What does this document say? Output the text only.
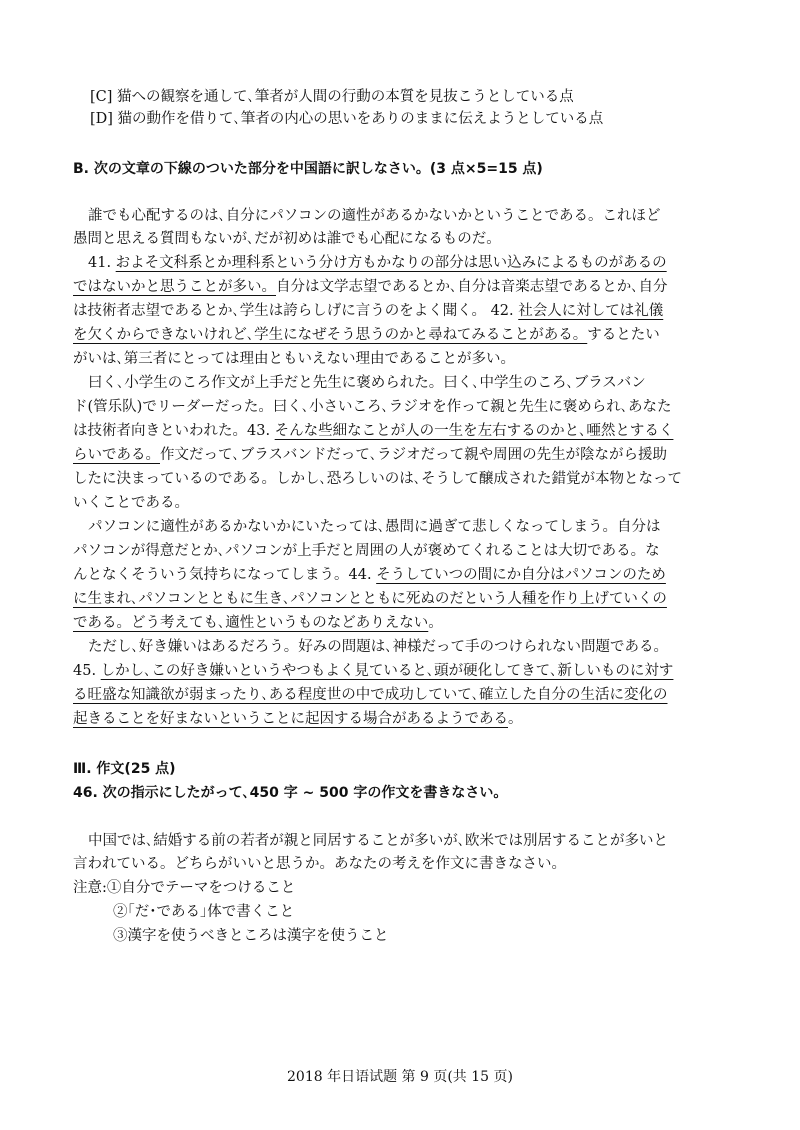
[C] 猫への観察を通して､筆者が人間の行動の本質を見抜こうとしている点
[D] 猫の動作を借りて､筆者の内心の思いをありのままに伝えようとしている点
B. 次の文章の下線のついた部分を中国語に訳しなさい。(3 点×5=15 点)
誰でも心配するのは､自分にパソコンの適性があるかないかということである。これほど
愚問と思える質問もないが､だが初めは誰でも心配になるものだ。
41. およそ文科系とか理科系という分け方もかなりの部分は思い込みによるものがあるの
ではないかと思うことが多い。自分は文学志望であるとか､自分は音楽志望であるとか､自分
は技術者志望であるとか､学生は誇らしげに言うのをよく聞く。 42. 社会人に対しては礼儀
を欠くからできないけれど､学生になぜそう思うのかと尋ねてみることがある。するとたい
がいは､第三者にとっては理由ともいえない理由であることが多い。
曰く､小学生のころ作文が上手だと先生に褒められた。曰く､中学生のころ､ブラスバン
ド(管乐队)でリーダーだった。曰く､小さいころ､ラジオを作って親と先生に褒められ､あなた
は技術者向きといわれた。43. そんな些細なことが人の一生を左右するのかと､唖然とするく
らいである。作文だって､ブラスバンドだって､ラジオだって親や周囲の先生が陰ながら援助
したに決まっているのである。しかし､恐ろしいのは､そうして醸成された錯覚が本物となって
いくことである。
パソコンに適性があるかないかにいたっては､愚問に過ぎて悲しくなってしまう。自分は
パソコンが得意だとか､パソコンが上手だと周囲の人が褒めてくれることは大切である。な
んとなくそういう気持ちになってしまう。44. そうしていつの間にか自分はパソコンのため
に生まれ､パソコンとともに生き､パソコンとともに死ぬのだという人種を作り上げていくの
である。どう考えても､適性というものなどありえない。
ただし､好き嫌いはあるだろう。好みの問題は､神様だって手のつけられない問題である。
45. しかし､この好き嫌いというやつもよく見ていると､頭が硬化してきて､新しいものに対す
る旺盛な知識欲が弱まったり､ある程度世の中で成功していて､確立した自分の生活に変化の
起きることを好まないということに起因する場合があるようである。
Ⅲ. 作文(25 点)
46. 次の指示にしたがって､450 字 ~ 500 字の作文を書きなさい。
中国では､結婚する前の若者が親と同居することが多いが､欧米では別居することが多いと
言われている。どちらがいいと思うか。あなたの考えを作文に書きなさい。
注意:①自分でテーマをつけること
②｢だ･である｣体で書くこと
③漢字を使うべきところは漢字を使うこと
2018 年日语试题 第 9 页(共 15 页)
